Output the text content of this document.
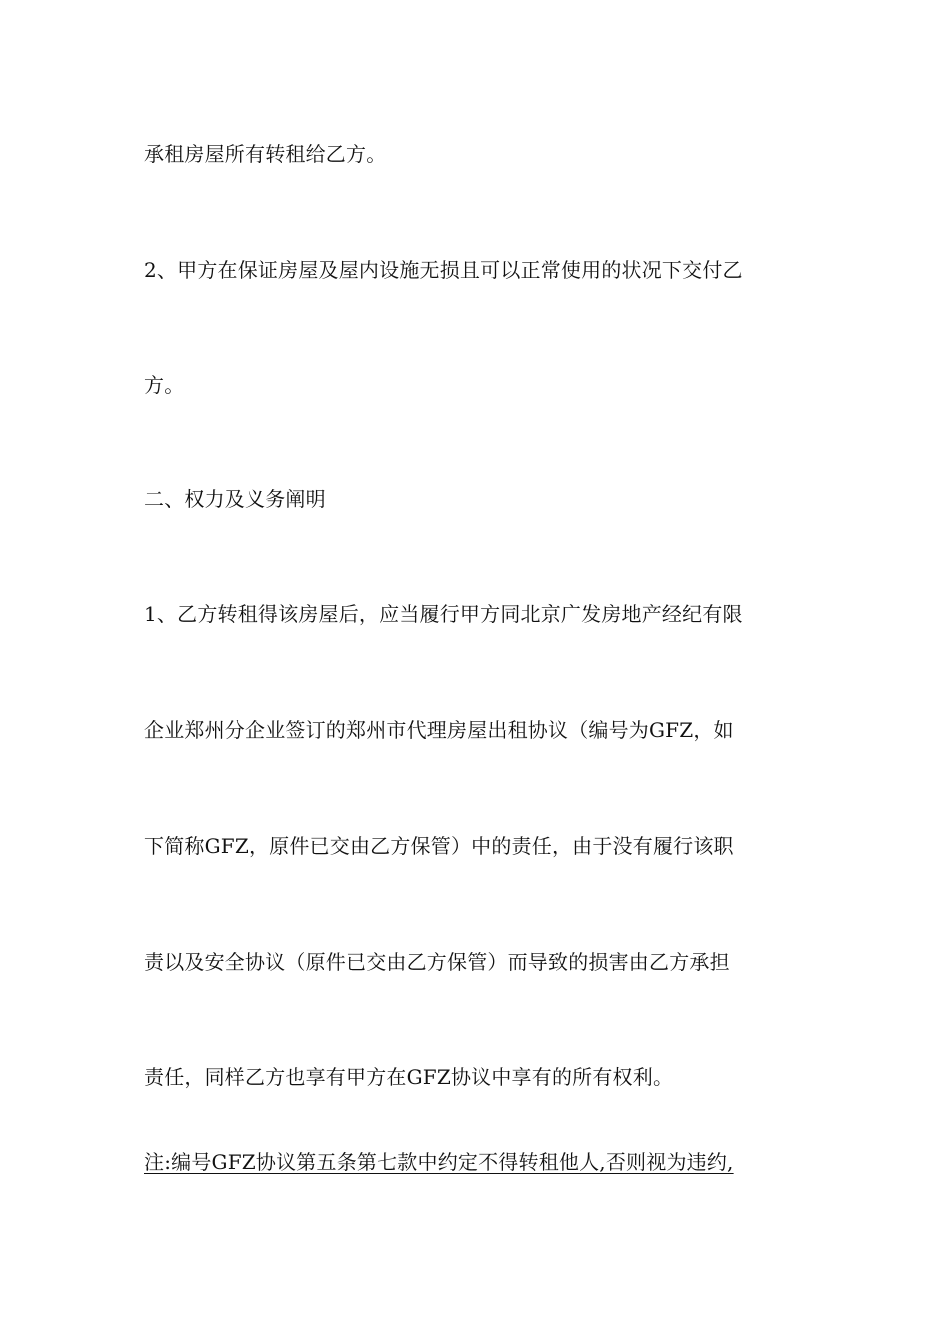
承租房屋所有转租给乙方。
2、甲方在保证房屋及屋内设施无损且可以正常使用的状况下交付乙
方。
二、权力及义务阐明
1、乙方转租得该房屋后，应当履行甲方同北京广发房地产经纪有限
企业郑州分企业签订的郑州市代理房屋出租协议（编号为GFZ，如
下简称GFZ，原件已交由乙方保管）中的责任，由于没有履行该职
责以及安全协议（原件已交由乙方保管）而导致的损害由乙方承担
责任，同样乙方也享有甲方在GFZ协议中享有的所有权利。
注:编号GFZ协议第五条第七款中约定不得转租他人,否则视为违约,
